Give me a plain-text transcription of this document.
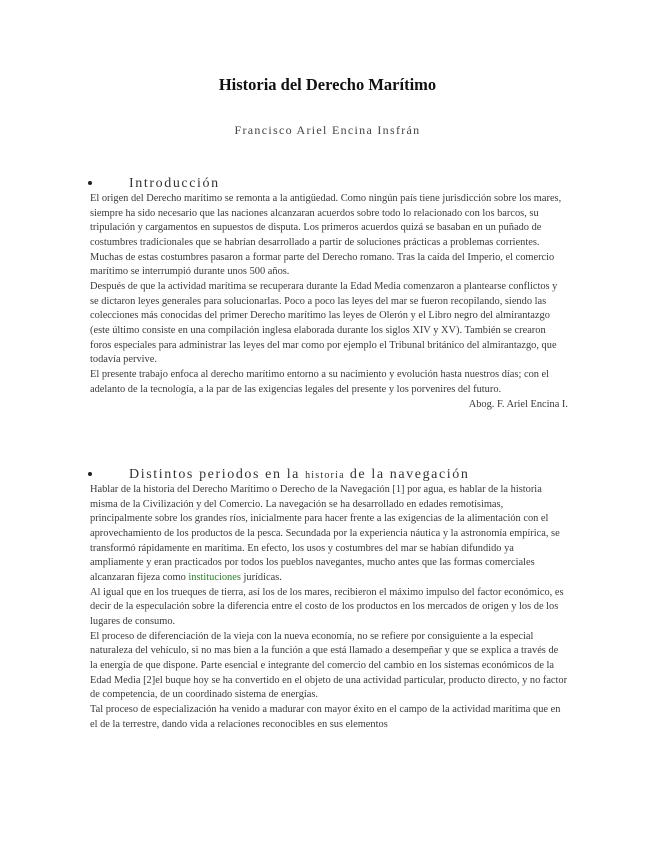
Historia del Derecho Marítimo
Francisco Ariel Encina Insfrán
Introducción

El origen del Derecho marítimo se remonta a la antigüedad. Como ningún país tiene jurisdicción sobre los mares, siempre ha sido necesario que las naciones alcanzaran acuerdos sobre todo lo relacionado con los barcos, su tripulación y cargamentos en supuestos de disputa. Los primeros acuerdos quizá se basaban en un puñado de costumbres tradicionales que se habrían desarrollado a partir de soluciones prácticas a problemas corrientes. Muchas de estas costumbres pasaron a formar parte del Derecho romano. Tras la caída del Imperio, el comercio marítimo se interrumpió durante unos 500 años.

Después de que la actividad marítima se recuperara durante la Edad Media comenzaron a plantearse conflictos y se dictaron leyes generales para solucionarlas. Poco a poco las leyes del mar se fueron recopilando, siendo las colecciones más conocidas del primer Derecho marítimo las leyes de Olerón y el Libro negro del almirantazgo (este último consiste en una compilación inglesa elaborada durante los siglos XIV y XV). También se crearon foros especiales para administrar las leyes del mar como por ejemplo el Tribunal británico del almirantazgo, que todavía pervive.

El presente trabajo enfoca al derecho marítimo entorno a su nacimiento y evolución hasta nuestros días; con el adelanto de la tecnología, a la par de las exigencias legales del presente y los porvenires del futuro.

Abog. F. Ariel Encina I.
Distintos periodos en la historia de la navegación

Hablar de la historia del Derecho Marítimo o Derecho de la Navegación [1] por agua, es hablar de la historia misma de la Civilización y del Comercio. La navegación se ha desarrollado en edades remotísimas, principalmente sobre los grandes ríos, inicialmente para hacer frente a las exigencias de la alimentación con el aprovechamiento de los productos de la pesca. Secundada por la experiencia náutica y la astronomía empírica, se transformó rápidamente en marítima. En efecto, los usos y costumbres del mar se habían difundido ya ampliamente y eran practicados por todos los pueblos navegantes, mucho antes que las formas comerciales alcanzaran fijeza como instituciones jurídicas.

Al igual que en los trueques de tierra, así los de los mares, recibieron el máximo impulso del factor económico, es decir de la especulación sobre la diferencia entre el costo de los productos en los mercados de origen y los de los lugares de consumo.

El proceso de diferenciación de la vieja con la nueva economía, no se refiere por consiguiente a la especial naturaleza del vehículo, si no mas bien a la función a que está llamado a desempeñar y que se explica a través de la energía de que dispone. Parte esencial e integrante del comercio del cambio en los sistemas económicos de la Edad Media [2]el buque hoy se ha convertido en el objeto de una actividad particular, producto directo, y no factor de competencia, de un coordinado sistema de energías.

Tal proceso de especialización ha venido a madurar con mayor éxito en el campo de la actividad marítima que en el de la terrestre, dando vida a relaciones reconocibles en sus elementos
